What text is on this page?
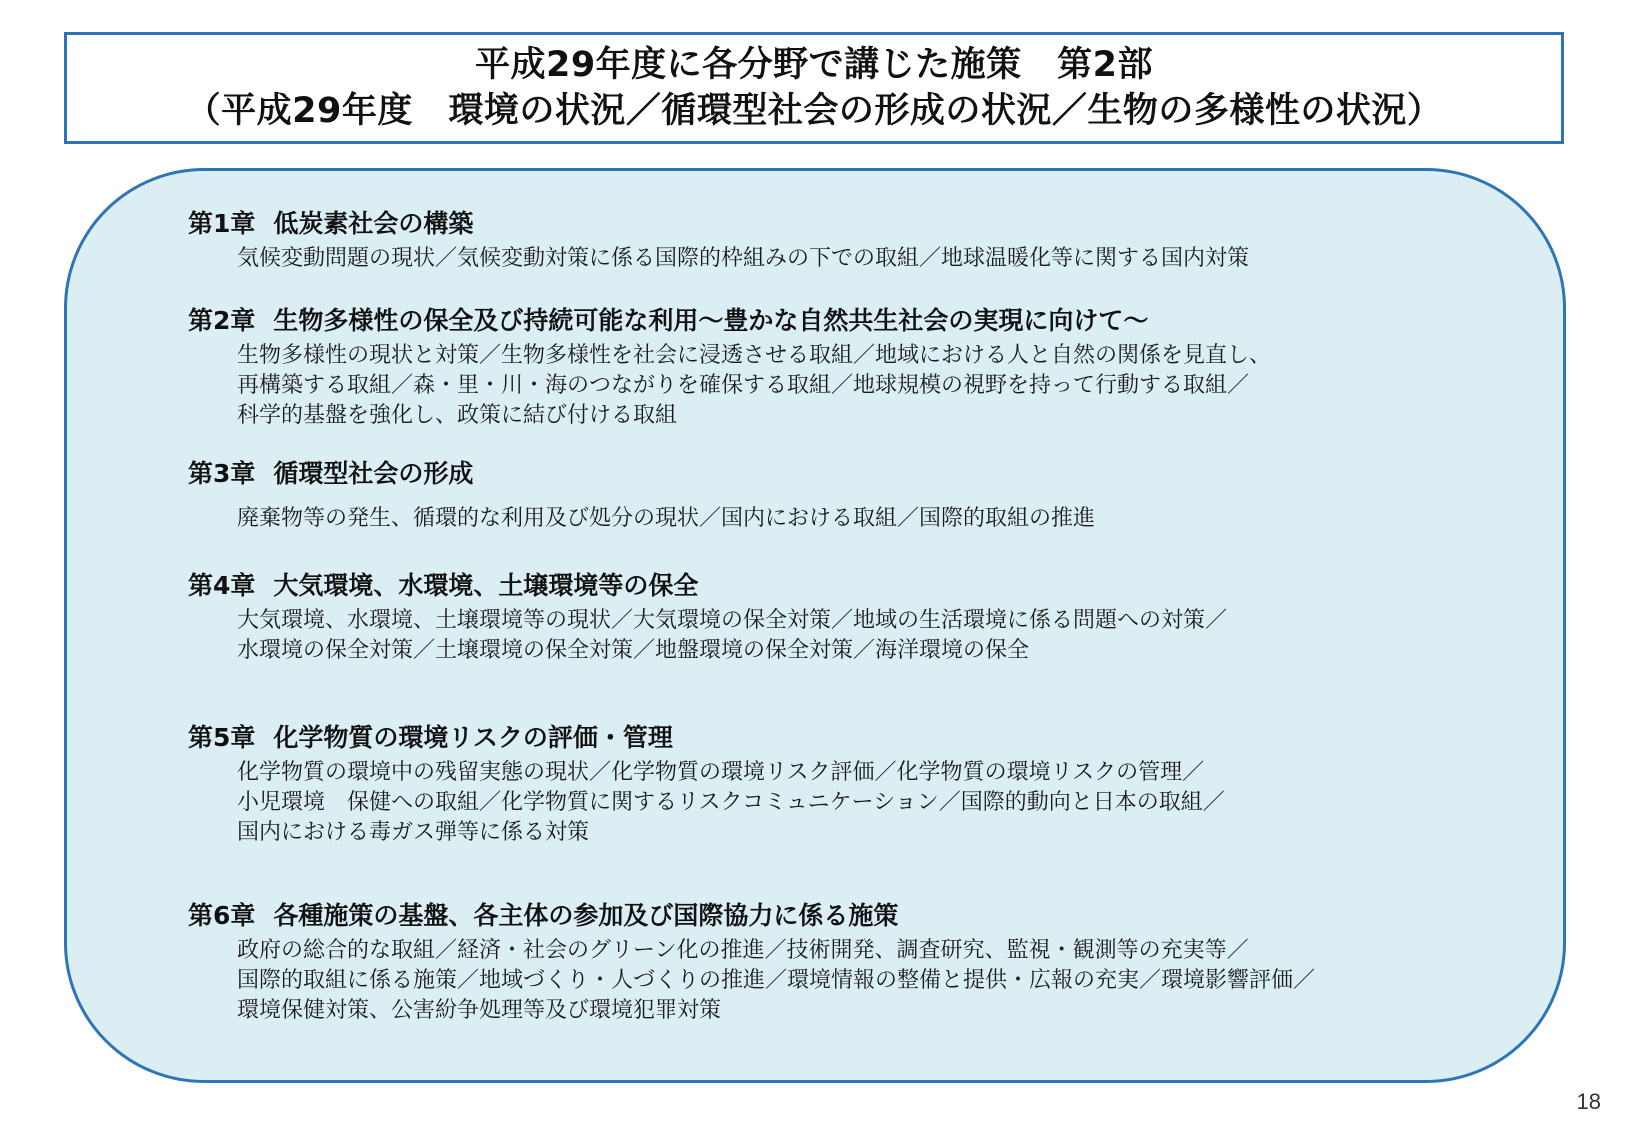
平成29年度に各分野で講じた施策　第2部
（平成29年度　環境の状況／循環型社会の形成の状況／生物の多様性の状況）
第1章 低炭素社会の構築
気候変動問題の現状／気候変動対策に係る国際的枠組みの下での取組／地球温暖化等に関する国内対策
第2章 生物多様性の保全及び持続可能な利用～豊かな自然共生社会の実現に向けて～
生物多様性の現状と対策／生物多様性を社会に浸透させる取組／地域における人と自然の関係を見直し、
再構築する取組／森・里・川・海のつながりを確保する取組／地球規模の視野を持って行動する取組／
科学的基盤を強化し、政策に結び付ける取組
第3章 循環型社会の形成
廃棄物等の発生、循環的な利用及び処分の現状／国内における取組／国際的取組の推進
第4章 大気環境、水環境、土壌環境等の保全
大気環境、水環境、土壌環境等の現状／大気環境の保全対策／地域の生活環境に係る問題への対策／
水環境の保全対策／土壌環境の保全対策／地盤環境の保全対策／海洋環境の保全
第5章 化学物質の環境リスクの評価・管理
化学物質の環境中の残留実態の現状／化学物質の環境リスク評価／化学物質の環境リスクの管理／
小児環境　保健への取組／化学物質に関するリスクコミュニケーション／国際的動向と日本の取組／
国内における毒ガス弾等に係る対策
第6章 各種施策の基盤、各主体の参加及び国際協力に係る施策
政府の総合的な取組／経済・社会のグリーン化の推進／技術開発、調査研究、監視・観測等の充実等／
国際的取組に係る施策／地域づくり・人づくりの推進／環境情報の整備と提供・広報の充実／環境影響評価／
環境保健対策、公害紛争処理等及び環境犯罪対策
18
